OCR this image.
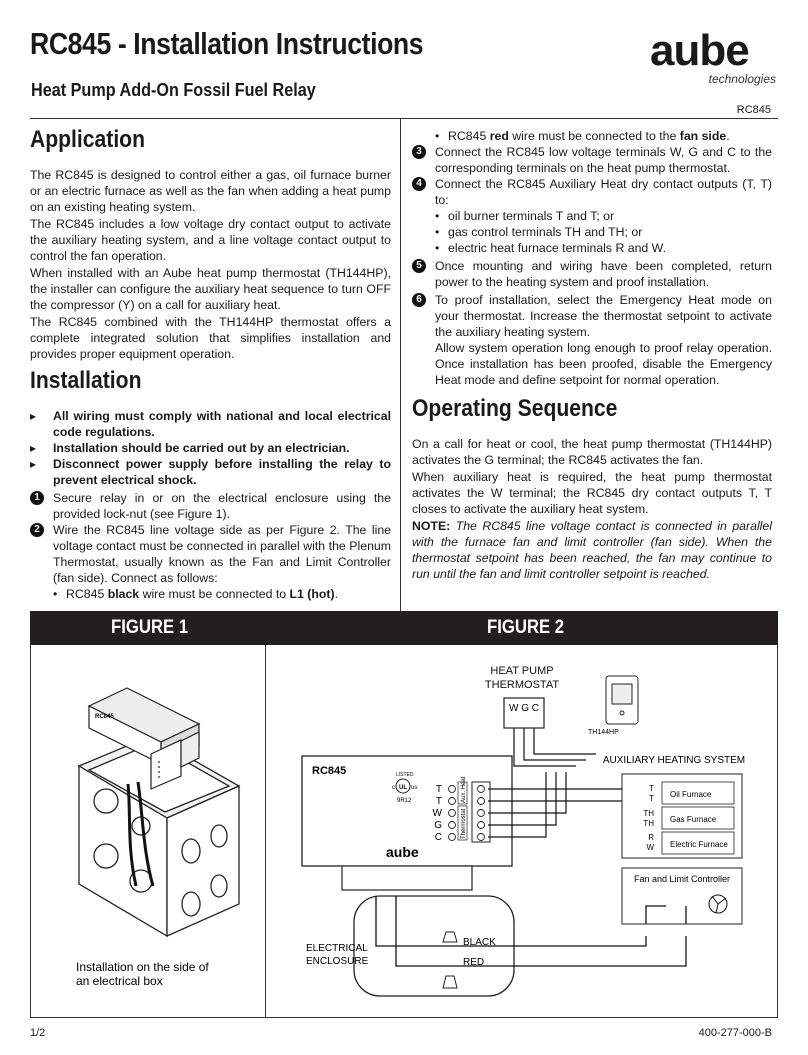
RC845 - Installation Instructions
Heat Pump Add-On Fossil Fuel Relay
aube
technologies
RC845
Application

The RC845 is designed to control either a gas, oil furnace burner or an electric furnace as well as the fan when adding a heat pump on an existing heating system.

The RC845 includes a low voltage dry contact output to activate the auxiliary heating system, and a line voltage contact output to control the fan operation.

When installed with an Aube heat pump thermostat (TH144HP), the installer can configure the auxiliary heat sequence to turn OFF the compressor (Y) on a call for auxiliary heat.

The RC845 combined with the TH144HP thermostat offers a complete integrated solution that simplifies installation and provides proper equipment operation.

Installation
▸	All wiring must comply with national and local electrical code regulations.
▸	Installation should be carried out by an electrician.
▸	Disconnect power supply before installing the relay to prevent electrical shock.
1	Secure relay in or on the electrical enclosure using the provided lock-nut (see Figure 1).
2	Wire the RC845 line voltage side as per Figure 2. The line voltage contact must be connected in parallel with the Plenum Thermostat, usually known as the Fan and Limit Controller (fan side). Connect as follows:
• RC845 black wire must be connected to L1 (hot).
• RC845 red wire must be connected to the fan side.
3	Connect the RC845 low voltage terminals W, G and C to the corresponding terminals on the heat pump thermostat.
4	Connect the RC845 Auxiliary Heat dry contact outputs (T, T) to:
• oil burner terminals T and T; or
• gas control terminals TH and TH; or
• electric heat furnace terminals R and W.
5	Once mounting and wiring have been completed, return power to the heating system and proof installation.
6	To proof installation, select the Emergency Heat mode on your thermostat. Increase the thermostat setpoint to activate the auxiliary heating system.
Allow system operation long enough to proof relay operation. Once installation has been proofed, disable the Emergency Heat mode and define setpoint for normal operation.
Operating Sequence

On a call for heat or cool, the heat pump thermostat (TH144HP) activates the G terminal; the RC845 activates the fan.

When auxiliary heat is required, the heat pump thermostat activates the W terminal; the RC845 dry contact outputs T, T closes to activate the auxiliary heat system.

NOTE: The RC845 line voltage contact is connected in parallel with the furnace fan and limit controller (fan side). When the thermostat setpoint has been reached, the fan may continue to run until the fan and limit controller setpoint is reached.

FIGURE 1	FIGURE 2
RC845
Installation on the side of
an electrical box
HEAT PUMP
THERMOSTAT
W G C
TH144HP
RC845	LISTED
UL
c	us
9R12
aube
T
T
W
G
C
Aux. Heat
Thermostat
AUXILIARY HEATING SYSTEM
T
T
TH
TH
R
W
Oil Furnace
Gas Furnace
Electric Furnace
Fan and Limit Controller
ELECTRICAL
ENCLOSURE
BLACK
RED
1/2	400-277-000-B
